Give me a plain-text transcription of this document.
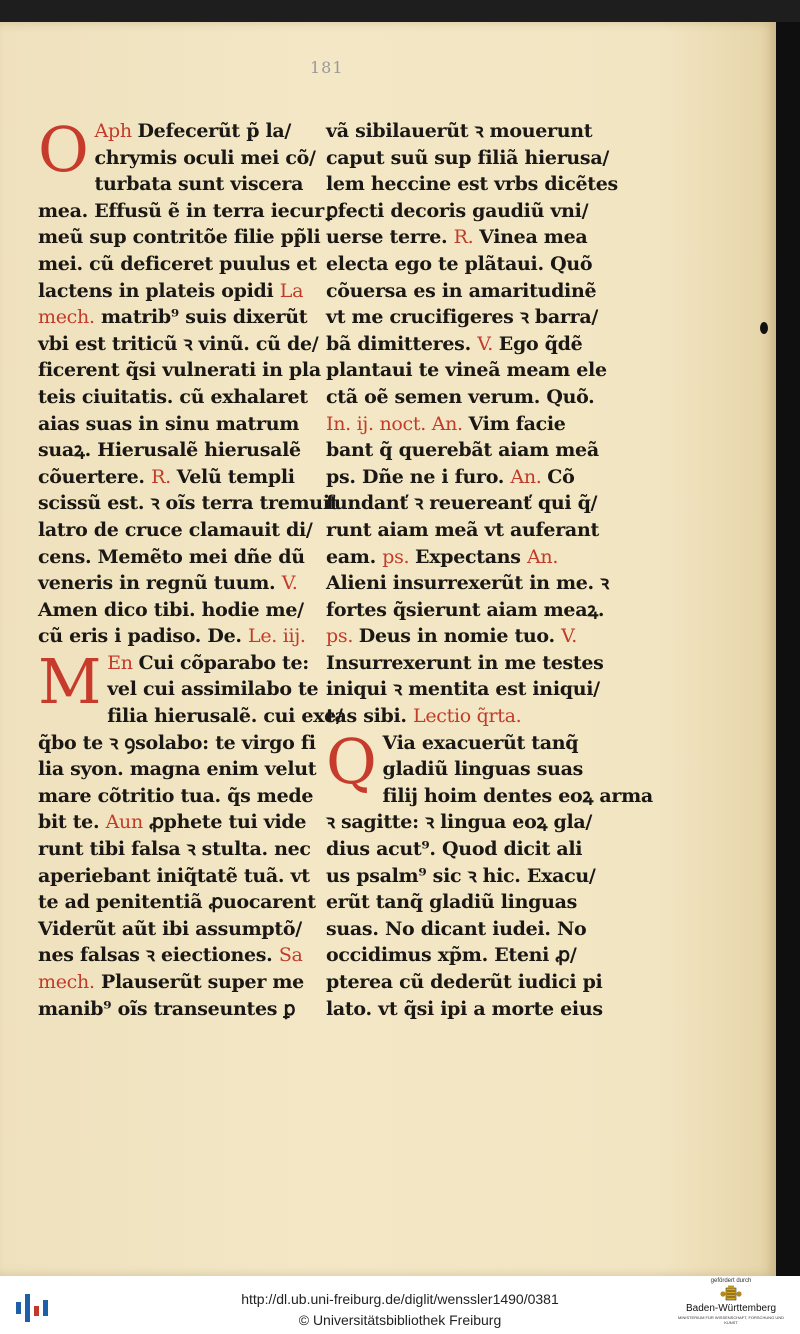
181
O Aph Defecerũt p̃ la/
chrymis oculi mei cõ/
turbata sunt viscera
mea. Effusũ ẽ in terra iecur
meũ sup contritõe filie pp̃li
mei. cũ deficeret puulus et
lactens in plateis opidi La
mech. matrib⁹ suis dixerũt
vbi est triticũ ꝛ vinũ. cũ de/
ficerent q̃si vulnerati in pla
teis ciuitatis. cũ exhalaret
aias suas in sinu matrum
suaꝝ. Hierusalẽ hierusalẽ
cõuertere. R. Velũ templi
scissũ est. ꝛ oĩs terra tremuit
latro de cruce clamauit di/
cens. Memẽto mei dñe dũ
veneris in regnũ tuum. V.
Amen dico tibi. hodie me/
cũ eris i padiso. De. Le. iij.
M En Cui cõparabo te:
vel cui assimilabo te
filia hierusalẽ. cui exe/
q̃bo te ꝛ ꝯsolabo: te virgo fi
lia syon. magna enim velut
mare cõtritio tua. q̃s mede
bit te. Aun ꝓphete tui vide
runt tibi falsa ꝛ stulta. nec
aperiebant iniq̃tatẽ tuã. vt
te ad penitentiã ꝓuocarent
Viderũt aũt ibi assumptõ/
nes falsas ꝛ eiectiones. Sa
mech. Plauserũt super me
manib⁹ oĩs transeuntes ꝑ
vã sibilauerũt ꝛ mouerunt
caput suũ sup filiã hierusa/
lem heccine est vrbs dicẽtes
ꝑfecti decoris gaudiũ vni/
uerse terre. R. Vinea mea
electa ego te plãtaui. Quõ
cõuersa es in amaritudinẽ
vt me crucifigeres ꝛ barra/
bã dimitteres. V. Ego q̃dẽ
plantaui te vineã meam ele
ctã oẽ semen verum. Quõ.
In. ij. noct. An. Vim facie
bant q̃ querebãt aiam meã
ps. Dñe ne i furo. An. Cõ
fundanť ꝛ reuereanť qui q̃/
runt aiam meã vt auferant
eam. ps. Expectans An.
Alieni insurrexerũt in me. ꝛ
fortes q̃sierunt aiam meaꝝ.
ps. Deus in nomie tuo. V.
Insurrexerunt in me testes
iniqui ꝛ mentita est iniqui/
tas sibi. Lectio q̃rta.
Q Via exacuerũt tanq̃
gladiũ linguas suas
filij hoim dentes eoꝝ arma
ꝛ sagitte: ꝛ lingua eoꝝ gla/
dius acut⁹. Quod dicit ali
us psalm⁹ sic ꝛ hic. Exacu/
erũt tanq̃ gladiũ linguas
suas. No dicant iudei. No
occidimus xp̃m. Eteni ꝓ/
pterea cũ dederũt iudici pi
lato. vt q̃si ipi a morte eius
http://dl.ub.uni-freiburg.de/diglit/wenssler1490/0381
© Universitätsbibliothek Freiburg
gefördert durch
Baden-Württemberg
MINISTERIUM FÜR WISSENSCHAFT, FORSCHUNG UND KUNST
